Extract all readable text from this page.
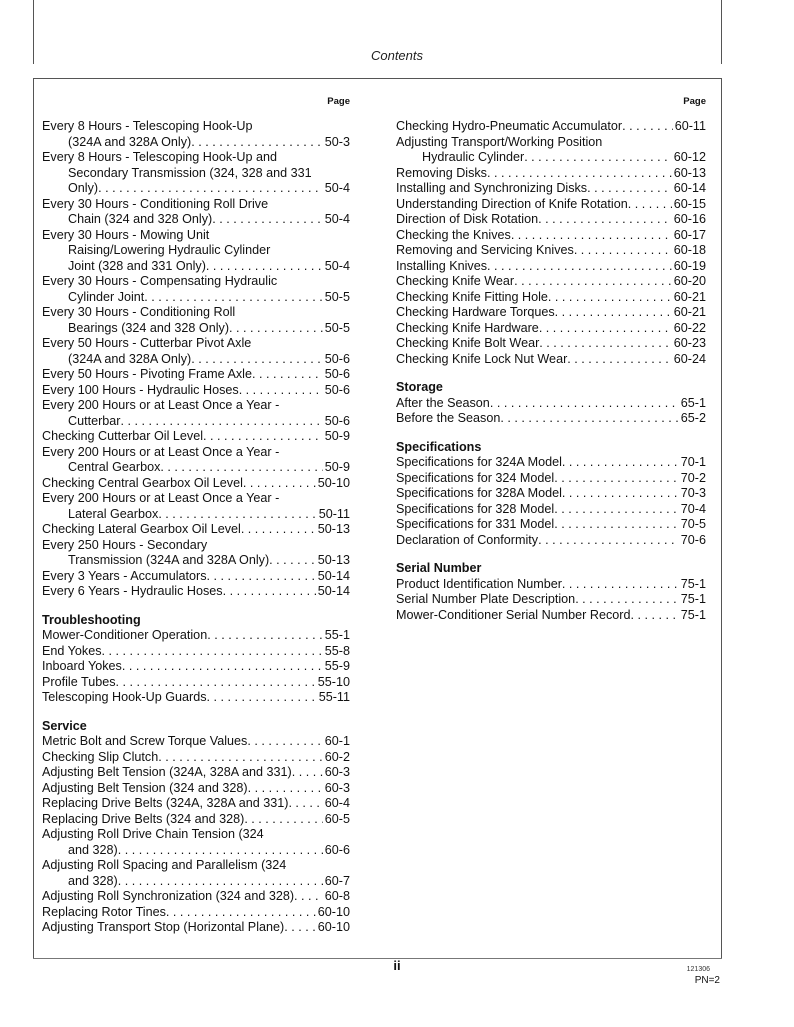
Contents
Page
Every 8 Hours - Telescoping Hook-Up
(324A and 328A Only) . . .	50-3
Every 8 Hours - Telescoping Hook-Up and
Secondary Transmission (324, 328 and 331
Only) . . .	50-4
Every 30 Hours - Conditioning Roll Drive
Chain (324 and 328 Only) . . .	50-4
Every 30 Hours - Mowing Unit
Raising/Lowering Hydraulic Cylinder
Joint (328 and 331 Only) . . .	50-4
Every 30 Hours - Compensating Hydraulic
Cylinder Joint . . .	50-5
Every 30 Hours - Conditioning Roll
Bearings (324 and 328 Only) . . .	50-5
Every 50 Hours - Cutterbar Pivot Axle
(324A and 328A Only) . . .	50-6
Every 50 Hours - Pivoting Frame Axle . . .	50-6
Every 100 Hours - Hydraulic Hoses . . .	50-6
Every 200 Hours or at Least Once a Year -
Cutterbar . . .	50-6
Checking Cutterbar Oil Level . . .	50-9
Every 200 Hours or at Least Once a Year -
Central Gearbox . . .	50-9
Checking Central Gearbox Oil Level . . .	50-10
Every 200 Hours or at Least Once a Year -
Lateral Gearbox . . .	50-11
Checking Lateral Gearbox Oil Level . . .	50-13
Every 250 Hours - Secondary
Transmission (324A and 328A Only) . . .	50-13
Every 3 Years - Accumulators . . .	50-14
Every 6 Years - Hydraulic Hoses . . .	50-14
Troubleshooting
Mower-Conditioner Operation . . .	55-1
End Yokes . . .	55-8
Inboard Yokes . . .	55-9
Profile Tubes . . .	55-10
Telescoping Hook-Up Guards . . .	55-11
Service
Metric Bolt and Screw Torque Values . . .	60-1
Checking Slip Clutch . . .	60-2
Adjusting Belt Tension (324A, 328A and 331) . . .	60-3
Adjusting Belt Tension (324 and 328) . . .	60-3
Replacing Drive Belts (324A, 328A and 331) . . .	60-4
Replacing Drive Belts (324 and 328) . . .	60-5
Adjusting Roll Drive Chain Tension (324
and 328) . . .	60-6
Adjusting Roll Spacing and Parallelism (324
and 328) . . .	60-7
Adjusting Roll Synchronization (324 and 328) . . . 60-8
Replacing Rotor Tines . . .	60-10
Adjusting Transport Stop (Horizontal Plane) . . .	60-10
Page
Checking Hydro-Pneumatic Accumulator . . .	60-11
Adjusting Transport/Working Position
Hydraulic Cylinder . . .	60-12
Removing Disks . . .	60-13
Installing and Synchronizing Disks . . .	60-14
Understanding Direction of Knife Rotation . . .	60-15
Direction of Disk Rotation . . .	60-16
Checking the Knives . . .	60-17
Removing and Servicing Knives . . .	60-18
Installing Knives . . .	60-19
Checking Knife Wear . . .	60-20
Checking Knife Fitting Hole . . .	60-21
Checking Hardware Torques . . .	60-21
Checking Knife Hardware . . .	60-22
Checking Knife Bolt Wear . . .	60-23
Checking Knife Lock Nut Wear . . .	60-24
Storage
After the Season . . .	65-1
Before the Season . . .	65-2
Specifications
Specifications for 324A Model . . .	70-1
Specifications for 324 Model . . .	70-2
Specifications for 328A Model . . .	70-3
Specifications for 328 Model . . .	70-4
Specifications for 331 Model . . .	70-5
Declaration of Conformity . . .	70-6
Serial Number
Product Identification Number . . .	75-1
Serial Number Plate Description . . .	75-1
Mower-Conditioner Serial Number Record . . .	75-1
ii	121306
PN=2
